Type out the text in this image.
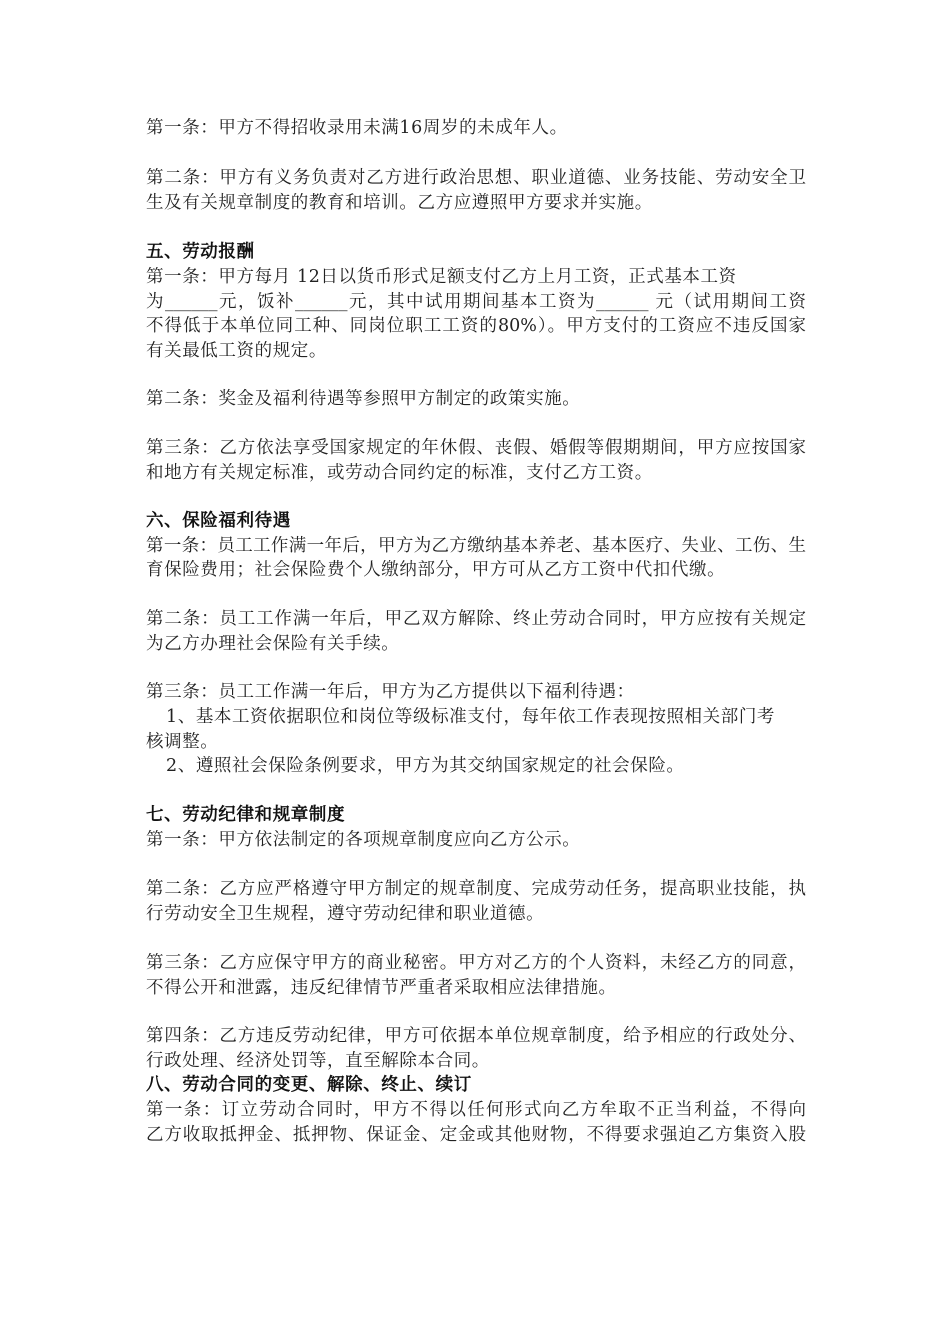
第一条：甲方不得招收录用未满16周岁的未成年人。
第二条：甲方有义务负责对乙方进行政治思想、职业道德、业务技能、劳动安全卫
生及有关规章制度的教育和培训。乙方应遵照甲方要求并实施。
五、劳动报酬
第一条：甲方每月 12日以货币形式足额支付乙方上月工资，正式基本工资
为______元，饭补______元，其中试用期间基本工资为______ 元（试用期间工资
不得低于本单位同工种、同岗位职工工资的80%）。甲方支付的工资应不违反国家
有关最低工资的规定。
第二条：奖金及福利待遇等参照甲方制定的政策实施。
第三条：乙方依法享受国家规定的年休假、丧假、婚假等假期期间，甲方应按国家
和地方有关规定标准，或劳动合同约定的标准，支付乙方工资。
六、保险福利待遇
第一条：员工工作满一年后，甲方为乙方缴纳基本养老、基本医疗、失业、工伤、生
育保险费用；社会保险费个人缴纳部分，甲方可从乙方工资中代扣代缴。
第二条：员工工作满一年后，甲乙双方解除、终止劳动合同时，甲方应按有关规定
为乙方办理社会保险有关手续。
第三条：员工工作满一年后，甲方为乙方提供以下福利待遇：
1、基本工资依据职位和岗位等级标准支付，每年依工作表现按照相关部门考
核调整。
2、遵照社会保险条例要求，甲方为其交纳国家规定的社会保险。
七、劳动纪律和规章制度
第一条：甲方依法制定的各项规章制度应向乙方公示。
第二条：乙方应严格遵守甲方制定的规章制度、完成劳动任务，提高职业技能，执
行劳动安全卫生规程，遵守劳动纪律和职业道德。
第三条：乙方应保守甲方的商业秘密。甲方对乙方的个人资料，未经乙方的同意，
不得公开和泄露，违反纪律情节严重者采取相应法律措施。
第四条：乙方违反劳动纪律，甲方可依据本单位规章制度，给予相应的行政处分、
行政处理、经济处罚等，直至解除本合同。
八、劳动合同的变更、解除、终止、续订
第一条：订立劳动合同时，甲方不得以任何形式向乙方牟取不正当利益，不得向
乙方收取抵押金、抵押物、保证金、定金或其他财物，不得要求强迫乙方集资入股
